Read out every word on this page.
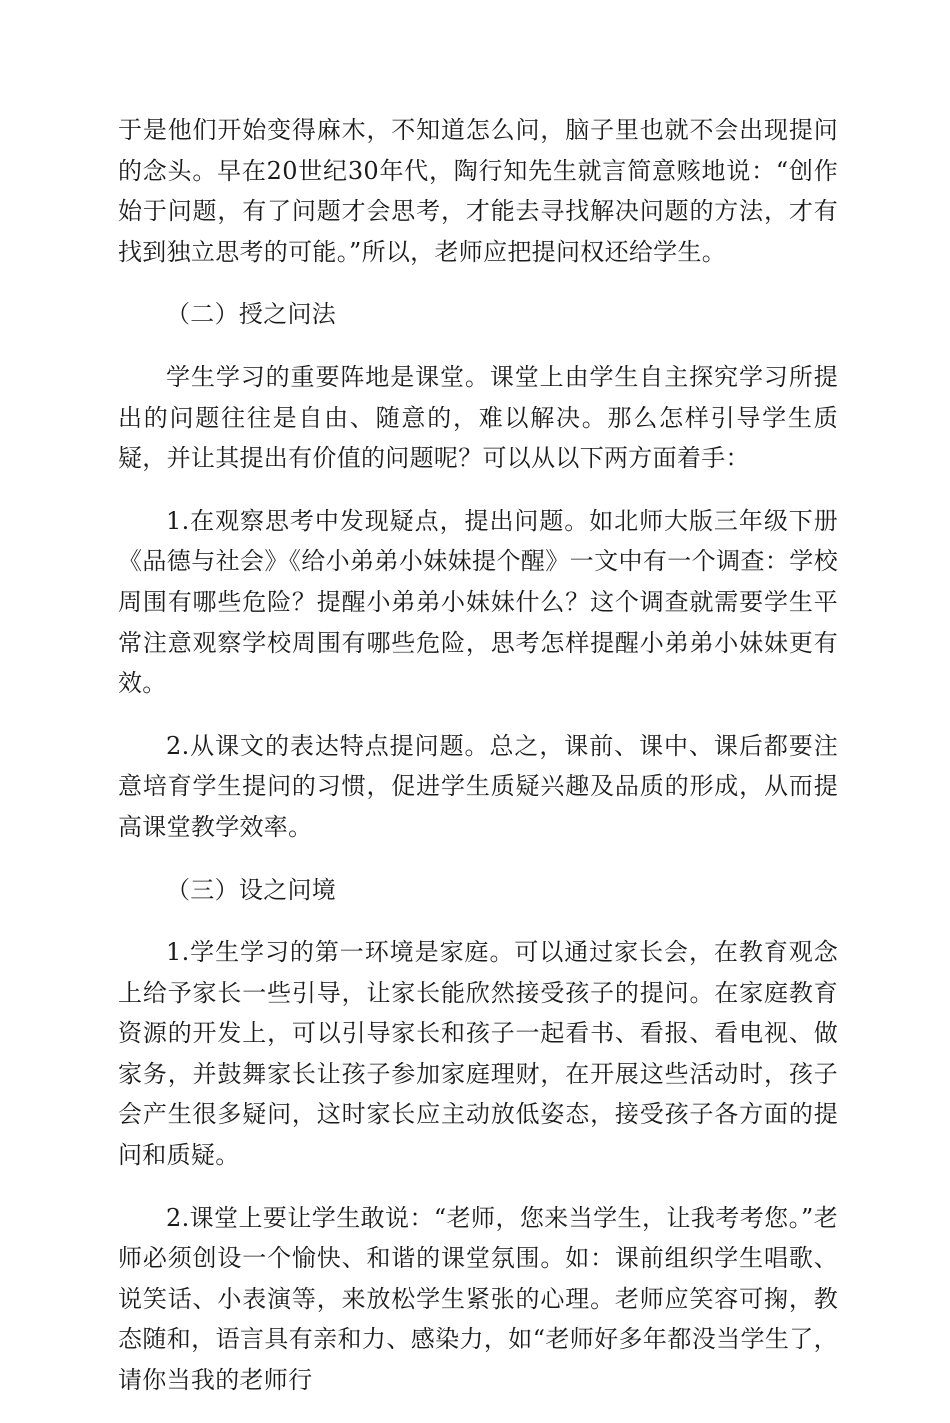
于是他们开始变得麻木，不知道怎么问，脑子里也就不会出现提问的念头。早在20世纪30年代，陶行知先生就言简意赅地说：“创作始于问题，有了问题才会思考，才能去寻找解决问题的方法，才有找到独立思考的可能。”所以，老师应把提问权还给学生。

（二）授之问法

学生学习的重要阵地是课堂。课堂上由学生自主探究学习所提出的问题往往是自由、随意的，难以解决。那么怎样引导学生质疑，并让其提出有价值的问题呢？可以从以下两方面着手：

1.在观察思考中发现疑点，提出问题。如北师大版三年级下册《品德与社会》《给小弟弟小妹妹提个醒》一文中有一个调查：学校周围有哪些危险？提醒小弟弟小妹妹什么？这个调查就需要学生平常注意观察学校周围有哪些危险，思考怎样提醒小弟弟小妹妹更有效。

2.从课文的表达特点提问题。总之，课前、课中、课后都要注意培育学生提问的习惯，促进学生质疑兴趣及品质的形成，从而提高课堂教学效率。

（三）设之问境

1.学生学习的第一环境是家庭。可以通过家长会，在教育观念上给予家长一些引导，让家长能欣然接受孩子的提问。在家庭教育资源的开发上，可以引导家长和孩子一起看书、看报、看电视、做家务，并鼓舞家长让孩子参加家庭理财，在开展这些活动时，孩子会产生很多疑问，这时家长应主动放低姿态，接受孩子各方面的提问和质疑。

2.课堂上要让学生敢说：“老师，您来当学生，让我考考您。”老师必须创设一个愉快、和谐的课堂氛围。如：课前组织学生唱歌、说笑话、小表演等，来放松学生紧张的心理。老师应笑容可掬，教态随和，语言具有亲和力、感染力，如“老师好多年都没当学生了，请你当我的老师行
